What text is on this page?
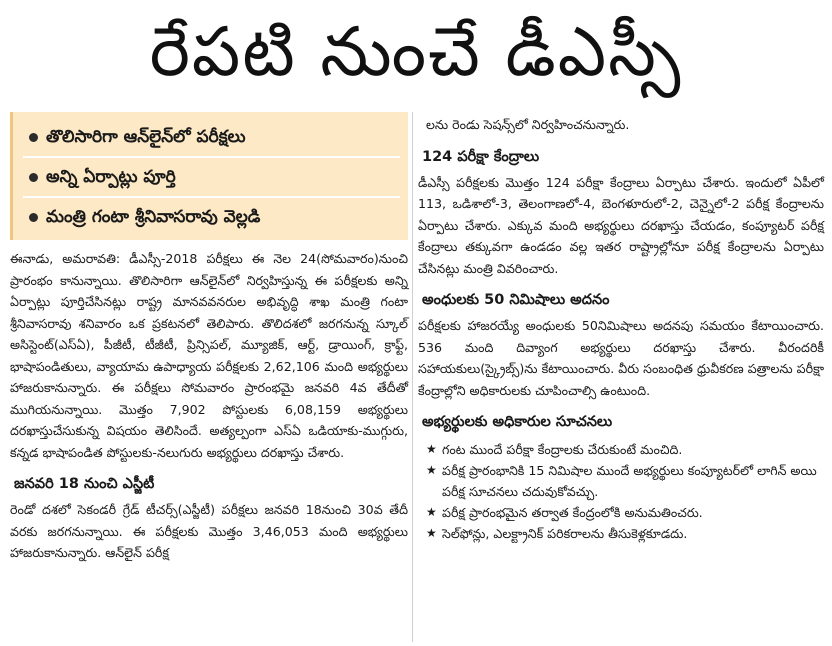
రేపటి నుంచే డీఎస్సీ
తొలిసారిగా ఆన్‌లైన్‌లో పరీక్షలు
అన్ని ఏర్పాట్లు పూర్తి
మంత్రి గంటా శ్రీనివాసరావు వెల్లడి

ఈనాడు, అమరావతి: డీఎస్సీ-2018 పరీక్షలు ఈ నెల 24(సోమవారం)నుంచి ప్రారంభం కానున్నాయి. తొలిసారిగా ఆన్‌లైన్‌లో నిర్వహిస్తున్న ఈ పరీక్షలకు అన్ని ఏర్పాట్లు పూర్తిచేసినట్లు రాష్ట్ర మానవవనరుల అభివృద్ధి శాఖ మంత్రి గంటా శ్రీనివాసరావు శనివారం ఒక ప్రకటనలో తెలిపారు. తొలిదశలో జరగనున్న స్కూల్ అసిస్టెంట్(ఎస్ఏ), పీజీటీ, టీజీటీ, ప్రిన్సిపల్, మ్యూజిక్, ఆర్ట్, డ్రాయింగ్, క్రాఫ్ట్, భాషాపండితులు, వ్యాయామ ఉపాధ్యాయ పరీక్షలకు 2,62,106 మంది అభ్యర్థులు హాజరుకానున్నారు. ఈ పరీక్షలు సోమవారం ప్రారంభమై జనవరి 4వ తేదీతో ముగియనున్నాయి. మొత్తం 7,902 పోస్టులకు 6,08,159 అభ్యర్థులు దరఖాస్తుచేసుకున్న విషయం తెలిసిందే. అత్యల్పంగా ఎస్ఏ ఒడియాకు-ముగ్గురు, కన్నడ భాషాపండిత పోస్టులకు-నలుగురు అభ్యర్థులు దరఖాస్తు చేశారు.

జనవరి 18 నుంచి ఎస్జీటీ

రెండో దశలో సెకండరీ గ్రేడ్ టీచర్స్(ఎస్జీటీ) పరీక్షలు జనవరి 18నుంచి 30వ తేదీ వరకు జరగనున్నాయి. ఈ పరీక్షలకు మొత్తం 3,46,053 మంది అభ్యర్థులు హాజరుకానున్నారు. ఆన్‌లైన్ పరీక్ష

లను రెండు సెషన్స్‌లో నిర్వహించనున్నారు.
124 పరీక్షా కేంద్రాలు

డీఎస్సీ పరీక్షలకు మొత్తం 124 పరీక్షా కేంద్రాలు ఏర్పాటు చేశారు. ఇందులో ఏపీలో 113, ఒడిశాలో-3, తెలంగాణలో-4, బెంగళూరులో-2, చెన్నైలో-2 పరీక్ష కేంద్రాలను ఏర్పాటు చేశారు. ఎక్కువ మంది అభ్యర్థులు దరఖాస్తు చేయడం, కంప్యూటర్ పరీక్ష కేంద్రాలు తక్కువగా ఉండడం వల్ల ఇతర రాష్ట్రాల్లోనూ పరీక్ష కేంద్రాలను ఏర్పాటు చేసినట్లు మంత్రి వివరించారు.

అంధులకు 50 నిమిషాలు అదనం

పరీక్షలకు హాజరయ్యే అంధులకు 50నిమిషాలు అదనపు సమయం కేటాయించారు. 536 మంది దివ్యాంగ అభ్యర్థులు దరఖాస్తు చేశారు. వీరందరికీ సహాయకులు(స్క్రైబ్స్)ను కేటాయించారు. వీరు సంబంధిత ధ్రువీకరణ పత్రాలను పరీక్షా కేంద్రాల్లోని అధికారులకు చూపించాల్సి ఉంటుంది.

అభ్యర్థులకు అధికారుల సూచనలు
★ గంట ముందే పరీక్షా కేంద్రాలకు చేరుకుంటే మంచిది.
★ పరీక్ష ప్రారంభానికి 15 నిమిషాల ముందే అభ్యర్థులు కంప్యూటర్‌లో లాగిన్ అయి పరీక్ష సూచనలు చదువుకోవచ్చు.
★ పరీక్ష ప్రారంభమైన తర్వాత కేంద్రంలోకి అనుమతించరు.
★ సెల్‌ఫోన్లు, ఎలక్ట్రానిక్ పరికరాలను తీసుకెళ్లకూడదు.
